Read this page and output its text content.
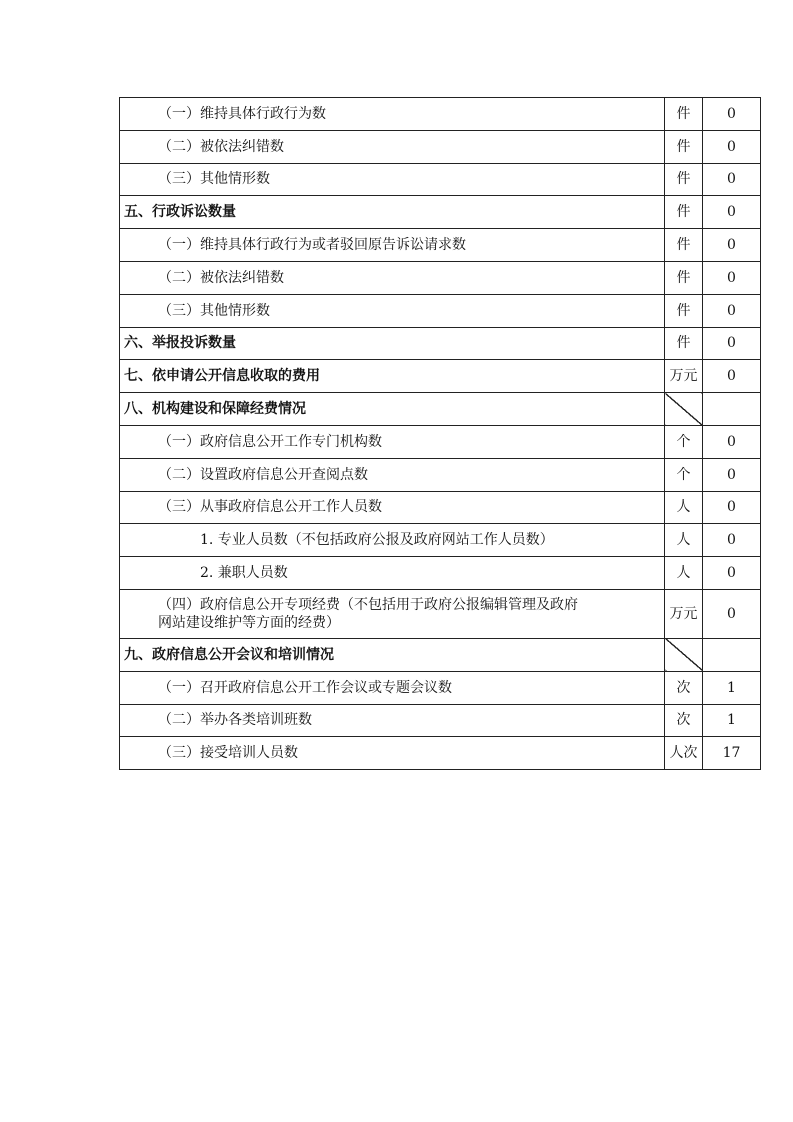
（一）维持具体行政行为数	件	0
（二）被依法纠错数	件	0
（三）其他情形数	件	0
五、行政诉讼数量	件	0
（一）维持具体行政行为或者驳回原告诉讼请求数	件	0
（二）被依法纠错数	件	0
（三）其他情形数	件	0
六、举报投诉数量	件	0
七、依申请公开信息收取的费用	万元	0
八、机构建设和保障经费情况		
（一）政府信息公开工作专门机构数	个	0
（二）设置政府信息公开查阅点数	个	0
（三）从事政府信息公开工作人员数	人	0
1. 专业人员数（不包括政府公报及政府网站工作人员数）	人	0
2. 兼职人员数	人	0

（四）政府信息公开专项经费（不包括用于政府公报编辑管理及政府网站建设维护等方面的经费）	万元	0
九、政府信息公开会议和培训情况		
（一）召开政府信息公开工作会议或专题会议数	次	1
（二）举办各类培训班数	次	1
（三）接受培训人员数	人次	17
